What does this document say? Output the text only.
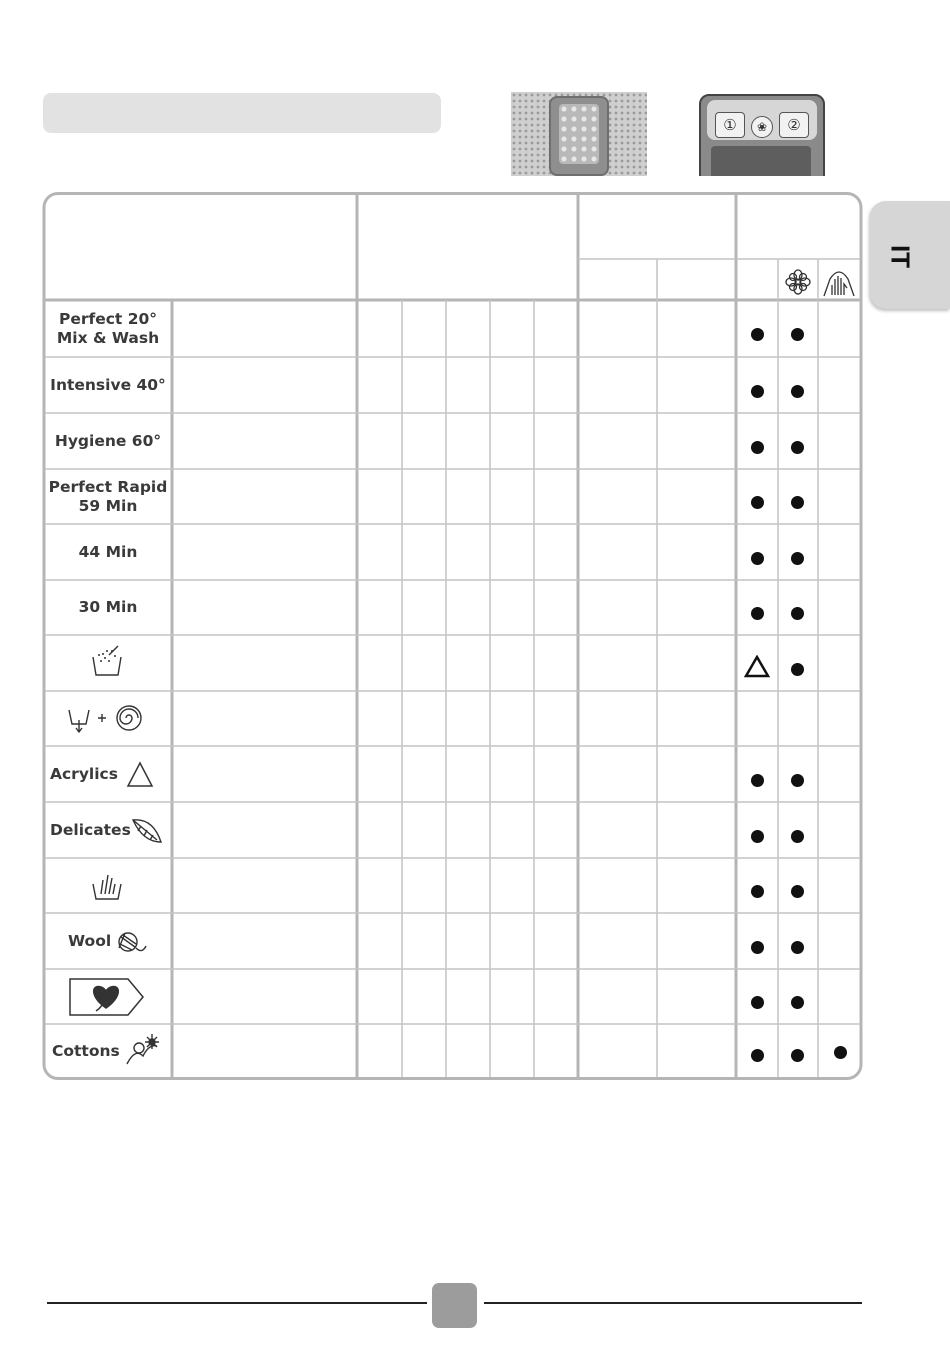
①	❀	②
IT
Perfect 20°
Mix & Wash
Intensive 40°
Hygiene 60°
Perfect Rapid
59 Min
44 Min
30 Min
Acrylics
Delicates
Wool
Cottons
